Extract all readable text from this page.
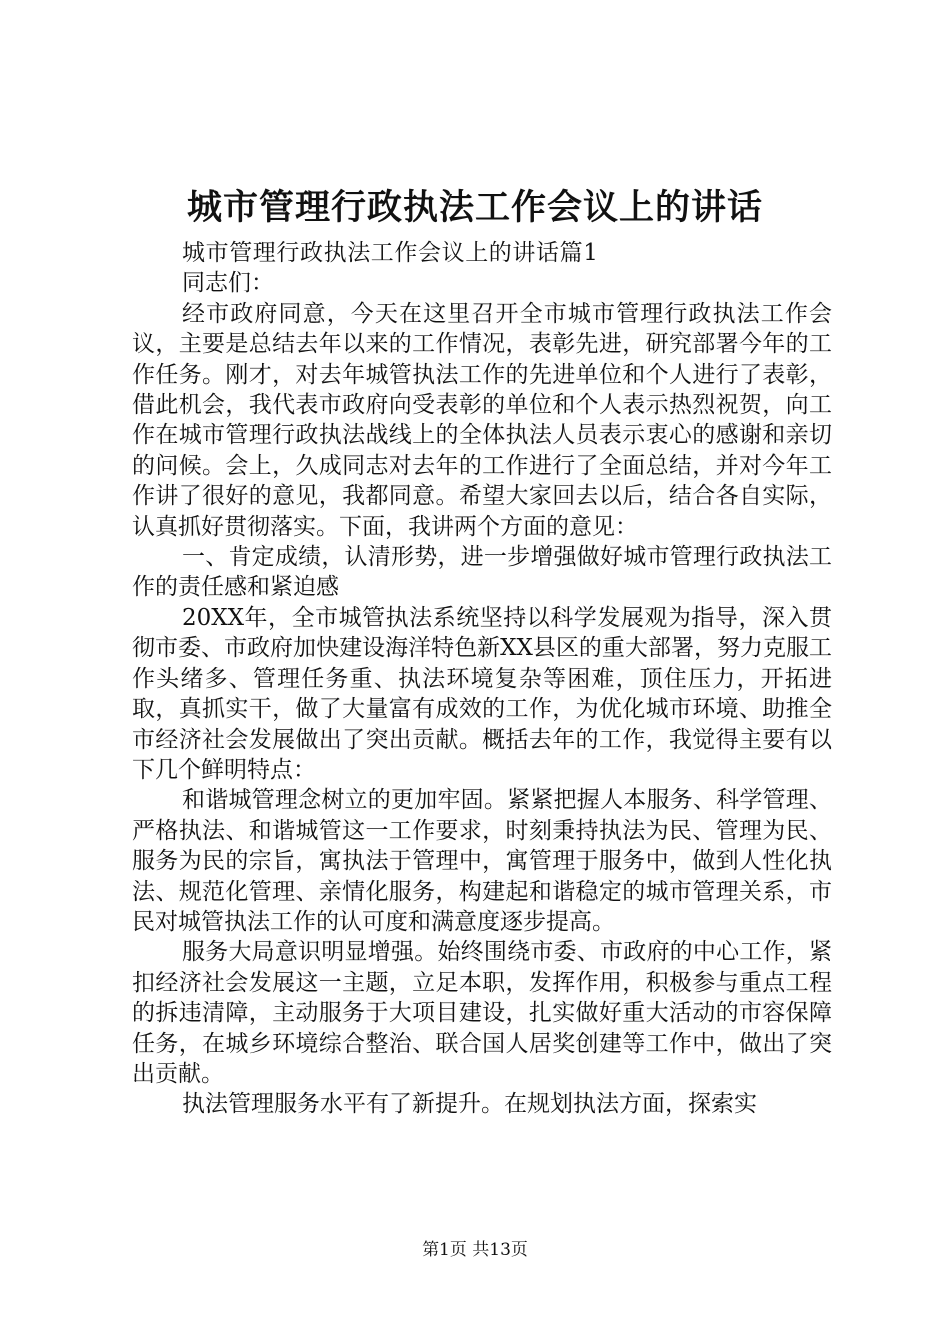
城市管理行政执法工作会议上的讲话

城市管理行政执法工作会议上的讲话篇1

同志们：

经市政府同意，今天在这里召开全市城市管理行政执法工作会议，主要是总结去年以来的工作情况，表彰先进，研究部署今年的工作任务。刚才，对去年城管执法工作的先进单位和个人进行了表彰，借此机会，我代表市政府向受表彰的单位和个人表示热烈祝贺，向工作在城市管理行政执法战线上的全体执法人员表示衷心的感谢和亲切的问候。会上，久成同志对去年的工作进行了全面总结，并对今年工作讲了很好的意见，我都同意。希望大家回去以后，结合各自实际，认真抓好贯彻落实。下面，我讲两个方面的意见：

一、肯定成绩，认清形势，进一步增强做好城市管理行政执法工作的责任感和紧迫感

20XX年，全市城管执法系统坚持以科学发展观为指导，深入贯彻市委、市政府加快建设海洋特色新XX县区的重大部署，努力克服工作头绪多、管理任务重、执法环境复杂等困难，顶住压力，开拓进取，真抓实干，做了大量富有成效的工作，为优化城市环境、助推全市经济社会发展做出了突出贡献。概括去年的工作，我觉得主要有以下几个鲜明特点：

和谐城管理念树立的更加牢固。紧紧把握人本服务、科学管理、严格执法、和谐城管这一工作要求，时刻秉持执法为民、管理为民、服务为民的宗旨，寓执法于管理中，寓管理于服务中，做到人性化执法、规范化管理、亲情化服务，构建起和谐稳定的城市管理关系，市民对城管执法工作的认可度和满意度逐步提高。

服务大局意识明显增强。始终围绕市委、市政府的中心工作，紧扣经济社会发展这一主题，立足本职，发挥作用，积极参与重点工程的拆违清障，主动服务于大项目建设，扎实做好重大活动的市容保障任务，在城乡环境综合整治、联合国人居奖创建等工作中，做出了突出贡献。

执法管理服务水平有了新提升。在规划执法方面，探索实

第1页 共13页
